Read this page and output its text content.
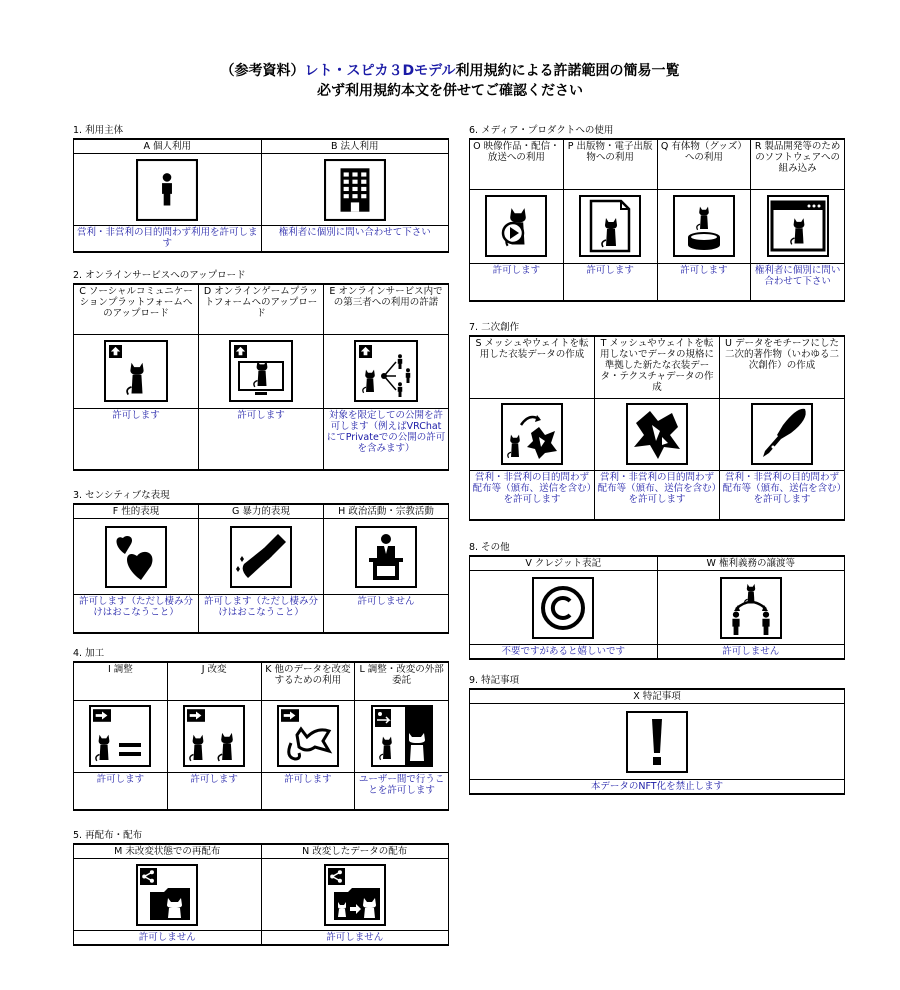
（参考資料）レト・スピカ３Dモデル利用規約による許諾範囲の簡易一覧
必ず利用規約本文を併せてご確認ください
1. 利用主体
A 個人利用	B 法人利用

営利・非営利の目的問わず利用を許可します	権利者に個別に問い合わせて下さい
2. オンラインサービスへのアップロード
C ソーシャルコミュニケーションプラットフォームへのアップロード	D オンラインゲームプラットフォームへのアップロード	E オンラインサービス内での第三者への利用の許諾

許可します	許可します	対象を限定しての公開を許可します（例えばVRChatにてPrivateでの公開の許可を含みます）
3. センシティブな表現
F 性的表現	G 暴力的表現	H 政治活動・宗教活動

許可します（ただし棲み分けはおこなうこと）	許可します（ただし棲み分けはおこなうこと）	許可しません
4. 加工
I 調整	J 改変	K 他のデータを改変するための利用	L 調整・改変の外部委託

許可します	許可します	許可します	ユーザー間で行うことを許可します
5. 再配布・配布
M 未改変状態での再配布	N 改変したデータの配布

許可しません	許可しません
6. メディア・プロダクトへの使用
O 映像作品・配信・放送への利用	P 出版物・電子出版物への利用	Q 有体物（グッズ）への利用	R 製品開発等のためのソフトウェアへの組み込み

許可します	許可します	許可します	権利者に個別に問い合わせて下さい
7. 二次創作
S メッシュやウェイトを転用した衣装データの作成	T メッシュやウェイトを転用しないでデータの規格に準拠した新たな衣装データ・テクスチャデータの作成	U データをモチーフにした二次的著作物（いわゆる二次創作）の作成

営利・非営利の目的問わず配布等（頒布、送信を含む）を許可します	営利・非営利の目的問わず配布等（頒布、送信を含む）を許可します	営利・非営利の目的問わず配布等（頒布、送信を含む）を許可します
8. その他
V クレジット表記	W 権利義務の譲渡等

不要ですがあると嬉しいです	許可しません
9. 特記事項
X 特記事項

本データのNFT化を禁止します
